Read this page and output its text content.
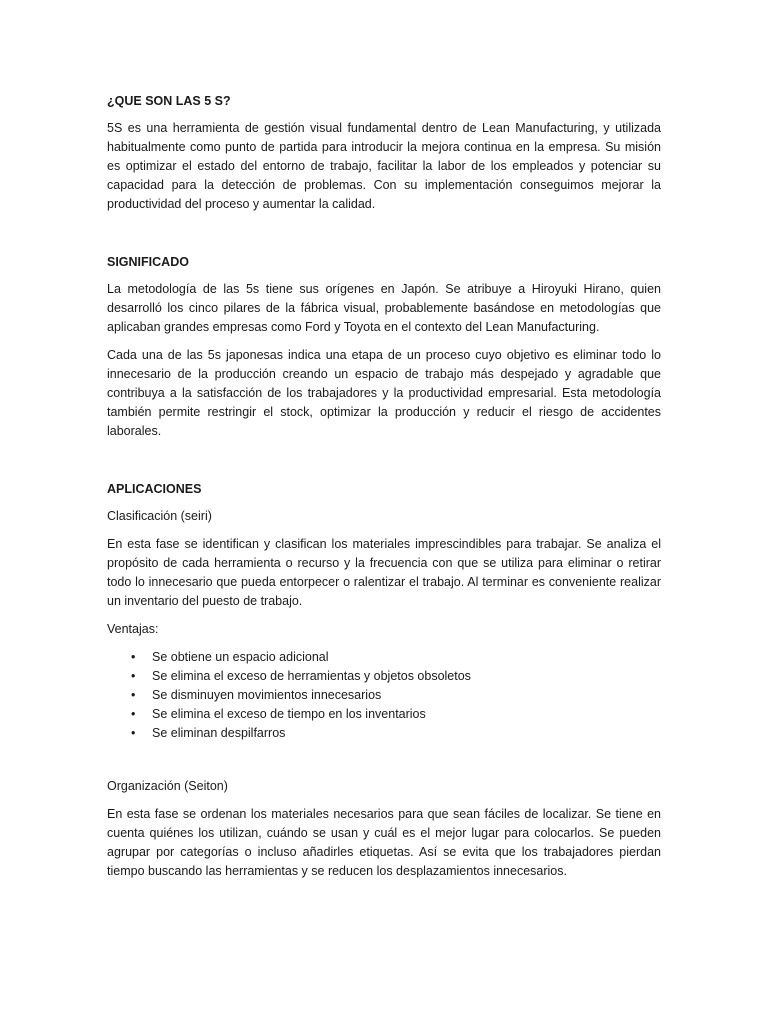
¿QUE SON LAS 5 S?

5S es una herramienta de gestión visual fundamental dentro de Lean Manufacturing, y utilizada habitualmente como punto de partida para introducir la mejora continua en la empresa. Su misión es optimizar el estado del entorno de trabajo, facilitar la labor de los empleados y potenciar su capacidad para la detección de problemas. Con su implementación conseguimos mejorar la productividad del proceso y aumentar la calidad.

SIGNIFICADO

La metodología de las 5s tiene sus orígenes en Japón. Se atribuye a Hiroyuki Hirano, quien desarrolló los cinco pilares de la fábrica visual, probablemente basándose en metodologías que aplicaban grandes empresas como Ford y Toyota en el contexto del Lean Manufacturing.

Cada una de las 5s japonesas indica una etapa de un proceso cuyo objetivo es eliminar todo lo innecesario de la producción creando un espacio de trabajo más despejado y agradable que contribuya a la satisfacción de los trabajadores y la productividad empresarial. Esta metodología también permite restringir el stock, optimizar la producción y reducir el riesgo de accidentes laborales.

APLICACIONES
Clasificación (seiri)

En esta fase se identifican y clasifican los materiales imprescindibles para trabajar. Se analiza el propósito de cada herramienta o recurso y la frecuencia con que se utiliza para eliminar o retirar todo lo innecesario que pueda entorpecer o ralentizar el trabajo. Al terminar es conveniente realizar un inventario del puesto de trabajo.

Ventajas:
• Se obtiene un espacio adicional
• Se elimina el exceso de herramientas y objetos obsoletos
• Se disminuyen movimientos innecesarios
• Se elimina el exceso de tiempo en los inventarios
• Se eliminan despilfarros
Organización (Seiton)

En esta fase se ordenan los materiales necesarios para que sean fáciles de localizar. Se tiene en cuenta quiénes los utilizan, cuándo se usan y cuál es el mejor lugar para colocarlos. Se pueden agrupar por categorías o incluso añadirles etiquetas. Así se evita que los trabajadores pierdan tiempo buscando las herramientas y se reducen los desplazamientos innecesarios.
